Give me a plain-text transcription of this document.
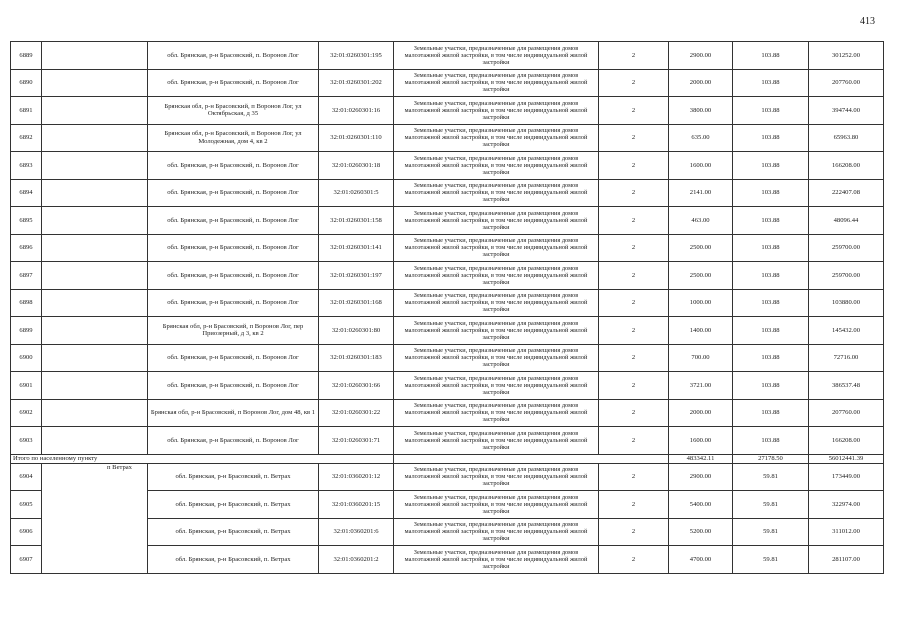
413
6889		обл. Брянская, р-н Брасовский, п. Воронов Лог	32:01:0260301:195	Земельные участки, предназначенные для размещения домов малоэтажной жилой застройки, в том числе индивидуальной жилой застройки	2	2900.00	103.88	301252.00
6890		обл. Брянская, р-н Брасовский, п. Воронов Лог	32:01:0260301:202	Земельные участки, предназначенные для размещения домов малоэтажной жилой застройки, в том числе индивидуальной жилой застройки	2	2000.00	103.88	207760.00
6891		Брянская обл, р-н Брасовский, п Воронов Лог, ул Октябрьская, д 35	32:01:0260301:16	Земельные участки, предназначенные для размещения домов малоэтажной жилой застройки, в том числе индивидуальной жилой застройки	2	3800.00	103.88	394744.00
6892		Брянская обл, р-н Брасовский, п Воронов Лог, ул Молодежная, дом 4, кв 2	32:01:0260301:110	Земельные участки, предназначенные для размещения домов малоэтажной жилой застройки, в том числе индивидуальной жилой застройки	2	635.00	103.88	65963.80
6893		обл. Брянская, р-н Брасовский, п. Воронов Лог	32:01:0260301:18	Земельные участки, предназначенные для размещения домов малоэтажной жилой застройки, в том числе индивидуальной жилой застройки	2	1600.00	103.88	166208.00
6894		обл. Брянская, р-н Брасовский, п. Воронов Лог	32:01:0260301:5	Земельные участки, предназначенные для размещения домов малоэтажной жилой застройки, в том числе индивидуальной жилой застройки	2	2141.00	103.88	222407.08
6895		обл. Брянская, р-н Брасовский, п. Воронов Лог	32:01:0260301:158	Земельные участки, предназначенные для размещения домов малоэтажной жилой застройки, в том числе индивидуальной жилой застройки	2	463.00	103.88	48096.44
6896		обл. Брянская, р-н Брасовский, п. Воронов Лог	32:01:0260301:141	Земельные участки, предназначенные для размещения домов малоэтажной жилой застройки, в том числе индивидуальной жилой застройки	2	2500.00	103.88	259700.00
6897		обл. Брянская, р-н Брасовский, п. Воронов Лог	32:01:0260301:197	Земельные участки, предназначенные для размещения домов малоэтажной жилой застройки, в том числе индивидуальной жилой застройки	2	2500.00	103.88	259700.00
6898		обл. Брянская, р-н Брасовский, п. Воронов Лог	32:01:0260301:168	Земельные участки, предназначенные для размещения домов малоэтажной жилой застройки, в том числе индивидуальной жилой застройки	2	1000.00	103.88	103880.00
6899		Брянская обл, р-н Брасовский, п Воронов Лог, пер Приозерный, д 3, кв 2	32:01:0260301:80	Земельные участки, предназначенные для размещения домов малоэтажной жилой застройки, в том числе индивидуальной жилой застройки	2	1400.00	103.88	145432.00
6900		обл. Брянская, р-н Брасовский, п. Воронов Лог	32:01:0260301:183	Земельные участки, предназначенные для размещения домов малоэтажной жилой застройки, в том числе индивидуальной жилой застройки	2	700.00	103.88	72716.00
6901		обл. Брянская, р-н Брасовский, п. Воронов Лог	32:01:0260301:66	Земельные участки, предназначенные для размещения домов малоэтажной жилой застройки, в том числе индивидуальной жилой застройки	2	3721.00	103.88	386537.48
6902		Брянская обл, р-н Брасовский, п Воронов Лог, дом 48, кв 1	32:01:0260301:22	Земельные участки, предназначенные для размещения домов малоэтажной жилой застройки, в том числе индивидуальной жилой застройки	2	2000.00	103.88	207760.00
6903		обл. Брянская, р-н Брасовский, п. Воронов Лог	32:01:0260301:71	Земельные участки, предназначенные для размещения домов малоэтажной жилой застройки, в том числе индивидуальной жилой застройки	2	1600.00	103.88	166208.00
Итого по населенному пункту						483342.11	27178.50	56012441.39
6904	п Ветрах	обл. Брянская, р-н Брасовский, п. Ветрах	32:01:0360201:12	Земельные участки, предназначенные для размещения домов малоэтажной жилой застройки, в том числе индивидуальной жилой застройки	2	2900.00	59.81	173449.00
6905		обл. Брянская, р-н Брасовский, п. Ветрах	32:01:0360201:15	Земельные участки, предназначенные для размещения домов малоэтажной жилой застройки, в том числе индивидуальной жилой застройки	2	5400.00	59.81	322974.00
6906		обл. Брянская, р-н Брасовский, п. Ветрах	32:01:0360201:6	Земельные участки, предназначенные для размещения домов малоэтажной жилой застройки, в том числе индивидуальной жилой застройки	2	5200.00	59.81	311012.00
6907		обл. Брянская, р-н Брасовский, п. Ветрах	32:01:0360201:2	Земельные участки, предназначенные для размещения домов малоэтажной жилой застройки, в том числе индивидуальной жилой застройки	2	4700.00	59.81	281107.00
